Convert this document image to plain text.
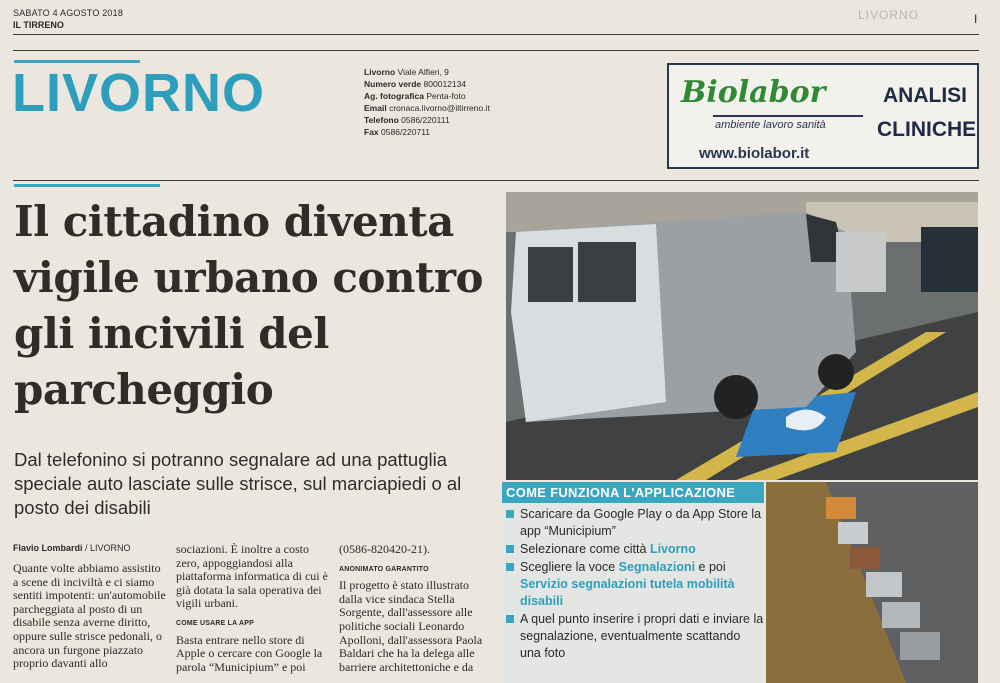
SABATO 4 AGOSTO 2018
IL TIRRENO
LIVORNO	I
LIVORNO	Livorno Viale Alfieri, 9
Numero verde 800012134
Ag. fotografica Penta-foto
Email cronaca.livorno@iltirreno.it
Telefono 0586/220111
Fax 0586/220711
Biolabor
ambiente lavoro sanità
www.biolabor.it
ANALISI
CLINICHE
Il cittadino diventa vigile urbano contro gli incivili del parcheggio
Dal telefonino si potranno segnalare ad una pattuglia speciale auto lasciate sulle strisce, sul marciapiedi o al posto dei disabili
COME FUNZIONA L'APPLICAZIONE
Scaricare da Google Play o da App Store la app “Municipium”
Selezionare come città Livorno
Scegliere la voce Segnalazioni e poi Servizio segnalazioni tutela mobilità disabili
A quel punto inserire i propri dati e inviare la segnalazione, eventualmente scattando una foto
Flavio Lombardi / LIVORNO

Quante volte abbiamo assistito a scene di inciviltà e ci siamo sentiti impotenti: un'automobile parcheggiata al posto di un disabile senza averne diritto, oppure sulle strisce pedonali, o ancora un furgone piazzato proprio davanti allo

sociazioni. È inoltre a costo zero, appoggiandosi alla piattaforma informatica di cui è già dotata la sala operativa dei vigili urbani.

COME USARE LA APP

Basta entrare nello store di Apple o cercare con Google la parola “Municipium” e poi

(0586-820420-21).

ANONIMATO GARANTITO

Il progetto è stato illustrato dalla vice sindaca Stella Sorgente, dall'assessore alle politiche sociali Leonardo Apolloni, dall'assessora Paola Baldari che ha la delega alle barriere architettoniche e da
